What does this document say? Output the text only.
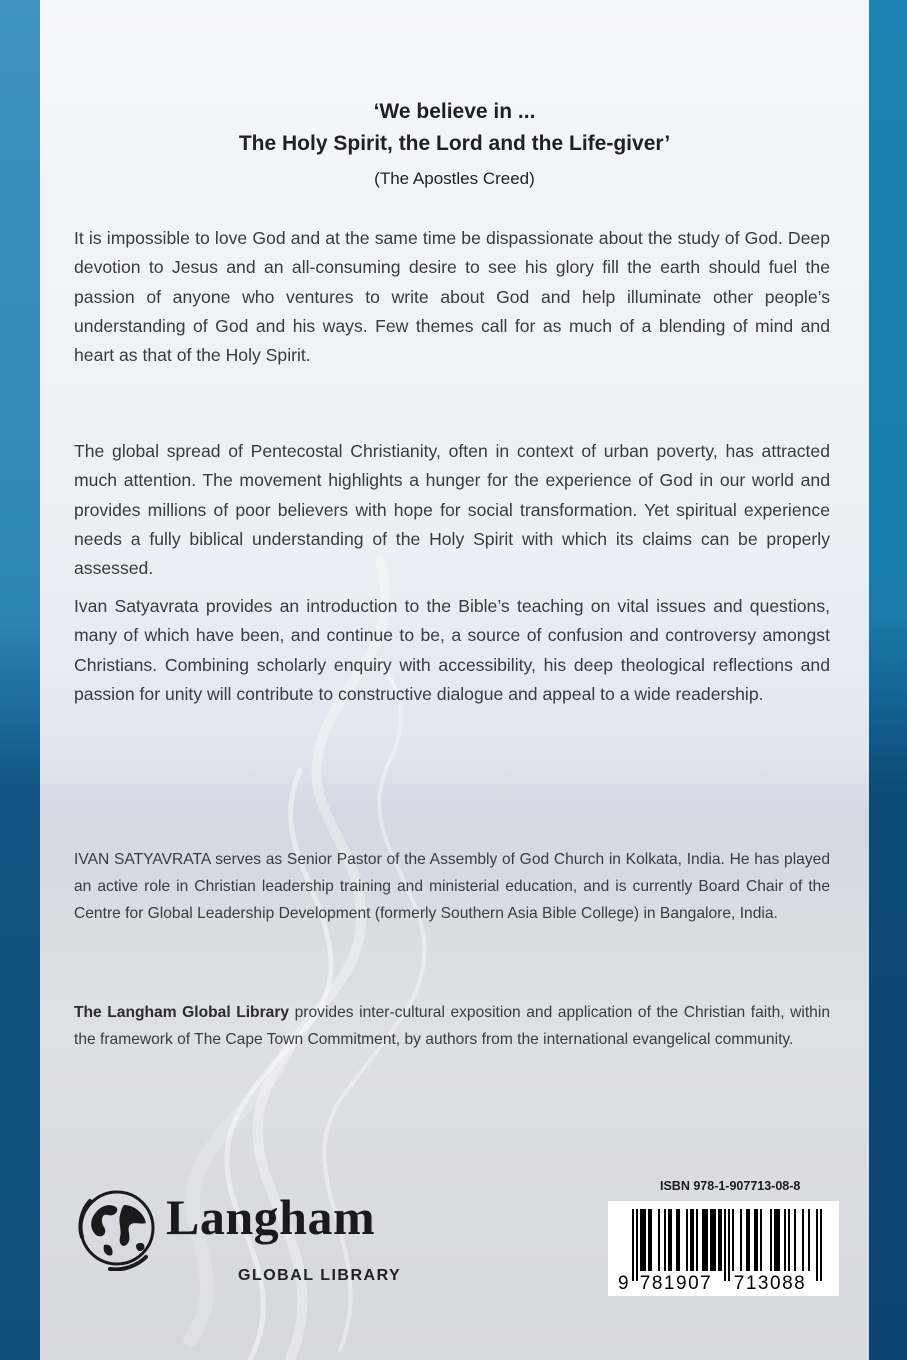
‘We believe in ...
The Holy Spirit, the Lord and the Life-giver’
(The Apostles Creed)

It is impossible to love God and at the same time be dispassionate about the study of God. Deep devotion to Jesus and an all-consuming desire to see his glory fill the earth should fuel the passion of anyone who ventures to write about God and help illuminate other people’s understanding of God and his ways. Few themes call for as much of a blending of mind and heart as that of the Holy Spirit.

The global spread of Pentecostal Christianity, often in context of urban poverty, has attracted much attention. The movement highlights a hunger for the experience of God in our world and provides millions of poor believers with hope for social transformation. Yet spiritual experience needs a fully biblical understanding of the Holy Spirit with which its claims can be properly assessed.

Ivan Satyavrata provides an introduction to the Bible’s teaching on vital issues and questions, many of which have been, and continue to be, a source of confusion and controversy amongst Christians. Combining scholarly enquiry with accessibility, his deep theological reflections and passion for unity will contribute to constructive dialogue and appeal to a wide readership.

IVAN SATYAVRATA serves as Senior Pastor of the Assembly of God Church in Kolkata, India. He has played an active role in Christian leadership training and ministerial education, and is currently Board Chair of the Centre for Global Leadership Development (formerly Southern Asia Bible College) in Bangalore, India.

The Langham Global Library provides inter-cultural exposition and application of the Christian faith, within the framework of The Cape Town Commitment, by authors from the international evangelical community.

Langham
GLOBAL LIBRARY
ISBN 978-1-907713-08-8
9 781907 713088
